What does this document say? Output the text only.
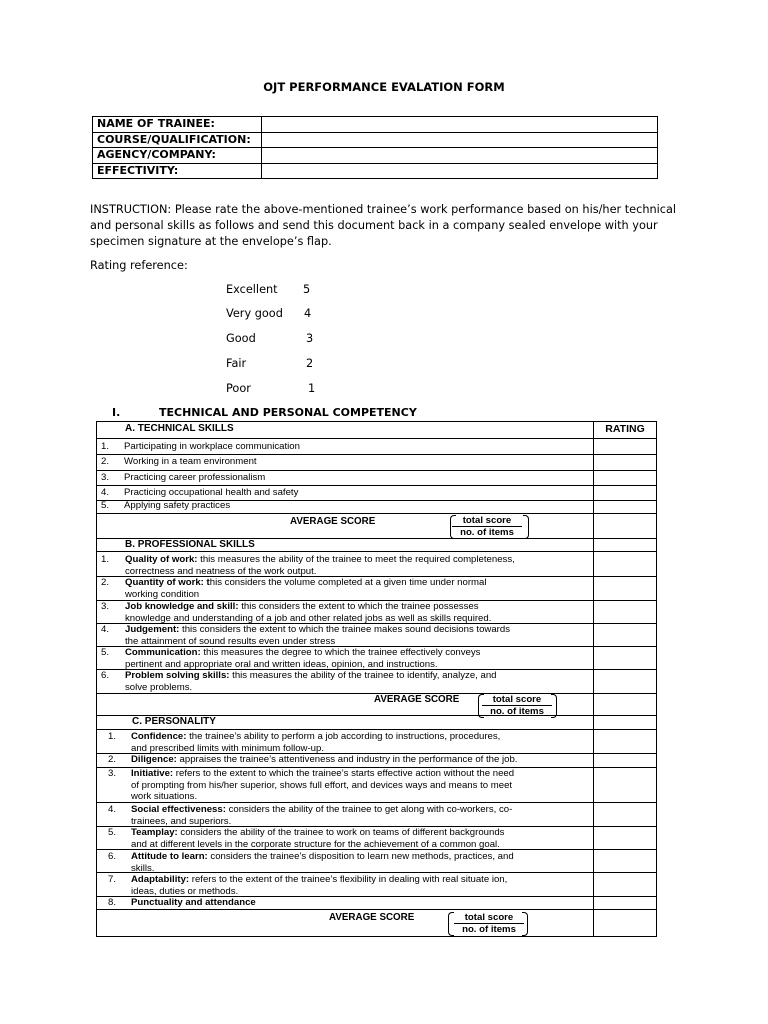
OJT PERFORMANCE EVALATION FORM
NAME OF TRAINEE:	
COURSE/QUALIFICATION:	
AGENCY/COMPANY:	
EFFECTIVITY:	
INSTRUCTION: Please rate the above-mentioned trainee’s work performance based on his/her technical and personal skills as follows and send this document back in a company sealed envelope with your specimen signature at the envelope’s flap.
Rating reference:
Excellent 5
Very good 4
Good	3
Fair	2
Poor	1
I.	TECHNICAL AND PERSONAL COMPETENCY
RATING
A. TECHNICAL SKILLS
1. Participating in workplace communication
2. Working in a team environment
3. Practicing career professionalism
4. Practicing occupational health and safety
5. Applying safety practices
AVERAGE SCORE	total score
no. of items
B. PROFESSIONAL SKILLS
1. Quality of work: this measures the ability of the trainee to meet the required completeness,
correctness and neatness of the work output.
2. Quantity of work: this considers the volume completed at a given time under normal
working condition
3. Job knowledge and skill: this considers the extent to which the trainee possesses
knowledge and understanding of a job and other related jobs as well as skills required.
4. Judgement: this considers the extent to which the trainee makes sound decisions towards
the attainment of sound results even under stress
5. Communication: this measures the degree to which the trainee effectively conveys
pertinent and appropriate oral and written ideas, opinion, and instructions.
6. Problem solving skills: this measures the ability of the trainee to identify, analyze, and
solve problems.
AVERAGE SCORE	total score
no. of items
C. PERSONALITY
1. Confidence: the trainee’s ability to perform a job according to instructions, procedures,
and prescribed limits with minimum follow-up.
2. Diligence: appraises the trainee’s attentiveness and industry in the performance of the job.
3. Initiative: refers to the extent to which the trainee’s starts effective action without the need
of prompting from his/her superior, shows full effort, and devices ways and means to meet
work situations.
4. Social effectiveness: considers the ability of the trainee to get along with co-workers, co-
trainees, and superiors.
5. Teamplay: considers the ability of the trainee to work on teams of different backgrounds
and at different levels in the corporate structure for the achievement of a common goal.
6. Attitude to learn: considers the trainee’s disposition to learn new methods, practices, and
skills.
7. Adaptability: refers to the extent of the trainee’s flexibility in dealing with real situate ion,
ideas, duties or methods.
8. Punctuality and attendance
AVERAGE SCORE	total score
no. of items
